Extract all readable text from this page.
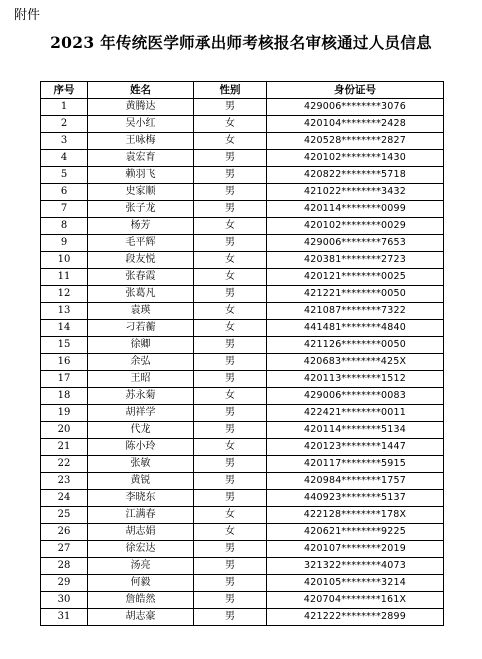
附件
2023 年传统医学师承出师考核报名审核通过人员信息
序号	姓名	性别	身份证号
1	黄腾达	男	429006********3076
2	吴小红	女	420104********2428
3	王咏梅	女	420528********2827
4	袁宏育	男	420102********1430
5	赖羽飞	男	420822********5718
6	史家顺	男	421022********3432
7	张子龙	男	420114********0099
8	杨芳	女	420102********0029
9	毛平辉	男	429006********7653
10	段友悦	女	420381********2723
11	张春霞	女	420121********0025
12	张葛凡	男	421221********0050
13	袁瑛	女	421087********7322
14	刁若蘅	女	441481********4840
15	徐卿	男	421126********0050
16	余弘	男	420683********425X
17	王昭	男	420113********1512
18	苏永菊	女	429006********0083
19	胡祥学	男	422421********0011
20	代龙	男	420114********5134
21	陈小玲	女	420123********1447
22	张敏	男	420117********5915
23	黄锐	男	420984********1757
24	李晓东	男	440923********5137
25	江满春	女	422128********178X
26	胡志娟	女	420621********9225
27	徐宏达	男	420107********2019
28	汤亮	男	321322********4073
29	何毅	男	420105********3214
30	詹皓然	男	420704********161X
31	胡志豪	男	421222********2899
